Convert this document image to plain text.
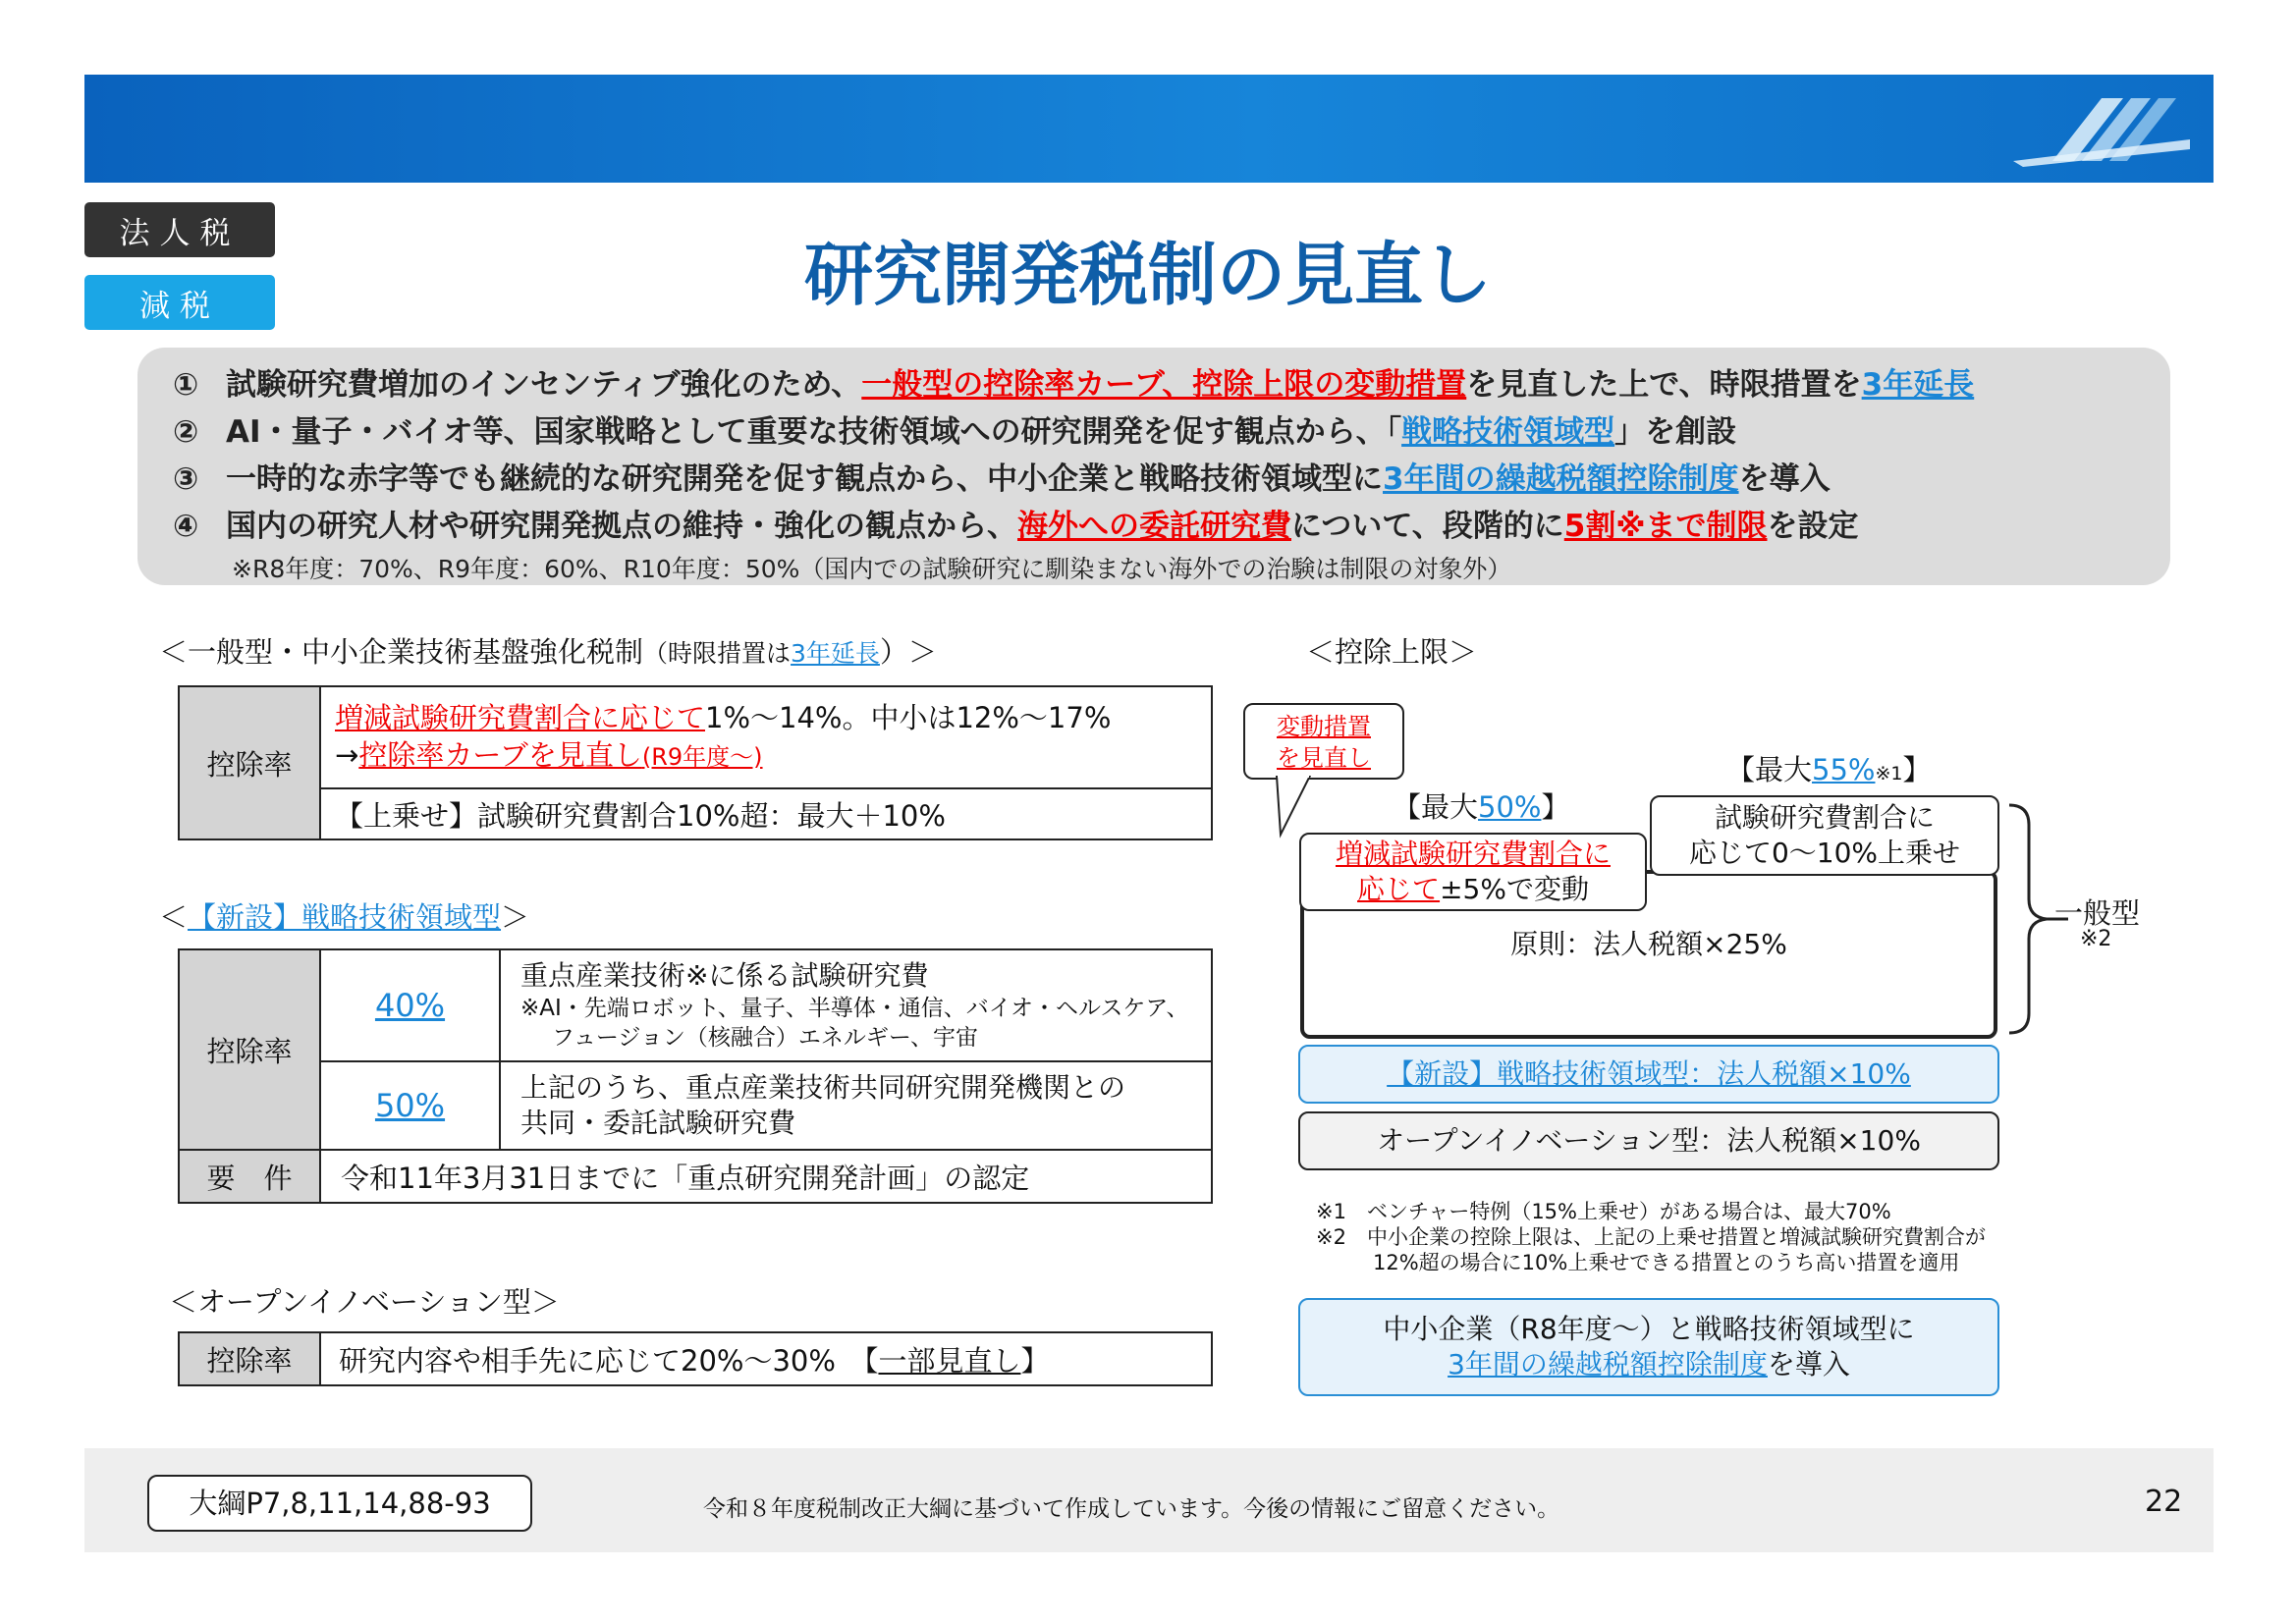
法人税
減税	研究開発税制の見直し
① 試験研究費増加のインセンティブ強化のため、一般型の控除率カーブ、控除上限の変動措置を見直した上で、時限措置を3年延長
② AI・量子・バイオ等、国家戦略として重要な技術領域への研究開発を促す観点から、「戦略技術領域型」を創設
③ 一時的な赤字等でも継続的な研究開発を促す観点から、中小企業と戦略技術領域型に3年間の繰越税額控除制度を導入
④ 国内の研究人材や研究開発拠点の維持・強化の観点から、海外への委託研究費について、段階的に5割※まで制限を設定
※R8年度：70%、R9年度：60%、R10年度：50%（国内での試験研究に馴染まない海外での治験は制限の対象外）
＜一般型・中小企業技術基盤強化税制（時限措置は3年延長）＞
控除率	
増減試験研究費割合に応じて1%～14%。中小は12%～17%
→控除率カーブを見直し(R9年度～)

【上乗せ】試験研究費割合10%超：最大＋10%
＜【新設】戦略技術領域型＞
控除率	40%	重点産業技術※に係る試験研究費
※AI・先端ロボット、量子、半導体・通信、バイオ・ヘルスケア、
フュージョン（核融合）エネルギー、宇宙

	50%	上記のうち、重点産業技術共同研究開発機関との
共同・委託試験研究費

要　件	令和11年3月31日までに「重点研究開発計画」の認定	
＜オープンイノベーション型＞
控除率	研究内容や相手先に応じて20%～30%　 【一部見直し】
＜控除上限＞
変動措置
を見直し
【最大50%】
【最大55%※1】
原則：法人税額×25%
増減試験研究費割合に
応じて±5%で変動
試験研究費割合に
応じて0～10%上乗せ
一般型
※2
【新設】戦略技術領域型：法人税額×10%
オープンイノベーション型：法人税額×10%
※1　ベンチャー特例（15%上乗せ）がある場合は、最大70%
※2　中小企業の控除上限は、上記の上乗せ措置と増減試験研究費割合が
12%超の場合に10%上乗せできる措置とのうち高い措置を適用
中小企業（R8年度～）と戦略技術領域型に
3年間の繰越税額控除制度を導入
大綱P7,8,11,14,88-93	令和８年度税制改正大綱に基づいて作成しています。今後の情報にご留意ください。	22
